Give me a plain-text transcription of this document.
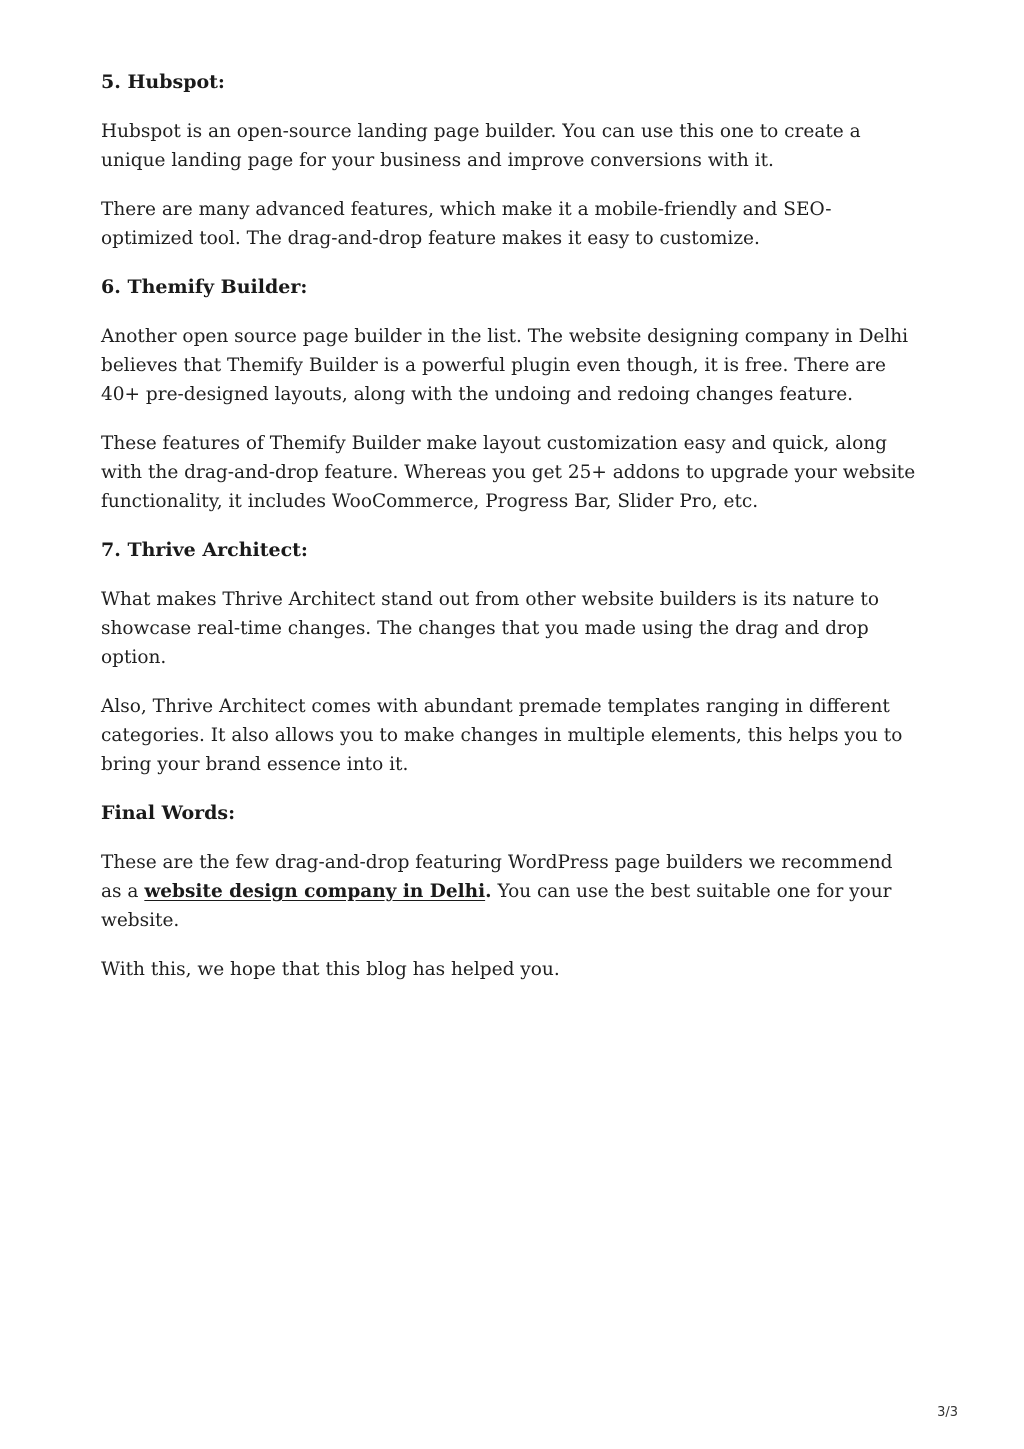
5. Hubspot:

Hubspot is an open-source landing page builder. You can use this one to create a unique landing page for your business and improve conversions with it.

There are many advanced features, which make it a mobile-friendly and SEO-optimized tool. The drag-and-drop feature makes it easy to customize.

6. Themify Builder:

Another open source page builder in the list. The website designing company in Delhi believes that Themify Builder is a powerful plugin even though, it is free. There are 40+ pre-designed layouts, along with the undoing and redoing changes feature.

These features of Themify Builder make layout customization easy and quick, along with the drag-and-drop feature. Whereas you get 25+ addons to upgrade your website functionality, it includes WooCommerce, Progress Bar, Slider Pro, etc.

7. Thrive Architect:

What makes Thrive Architect stand out from other website builders is its nature to showcase real-time changes. The changes that you made using the drag and drop option.

Also, Thrive Architect comes with abundant premade templates ranging in different categories. It also allows you to make changes in multiple elements, this helps you to bring your brand essence into it.

Final Words:

These are the few drag-and-drop featuring WordPress page builders we recommend as a website design company in Delhi. You can use the best suitable one for your website.

With this, we hope that this blog has helped you.

3/3
